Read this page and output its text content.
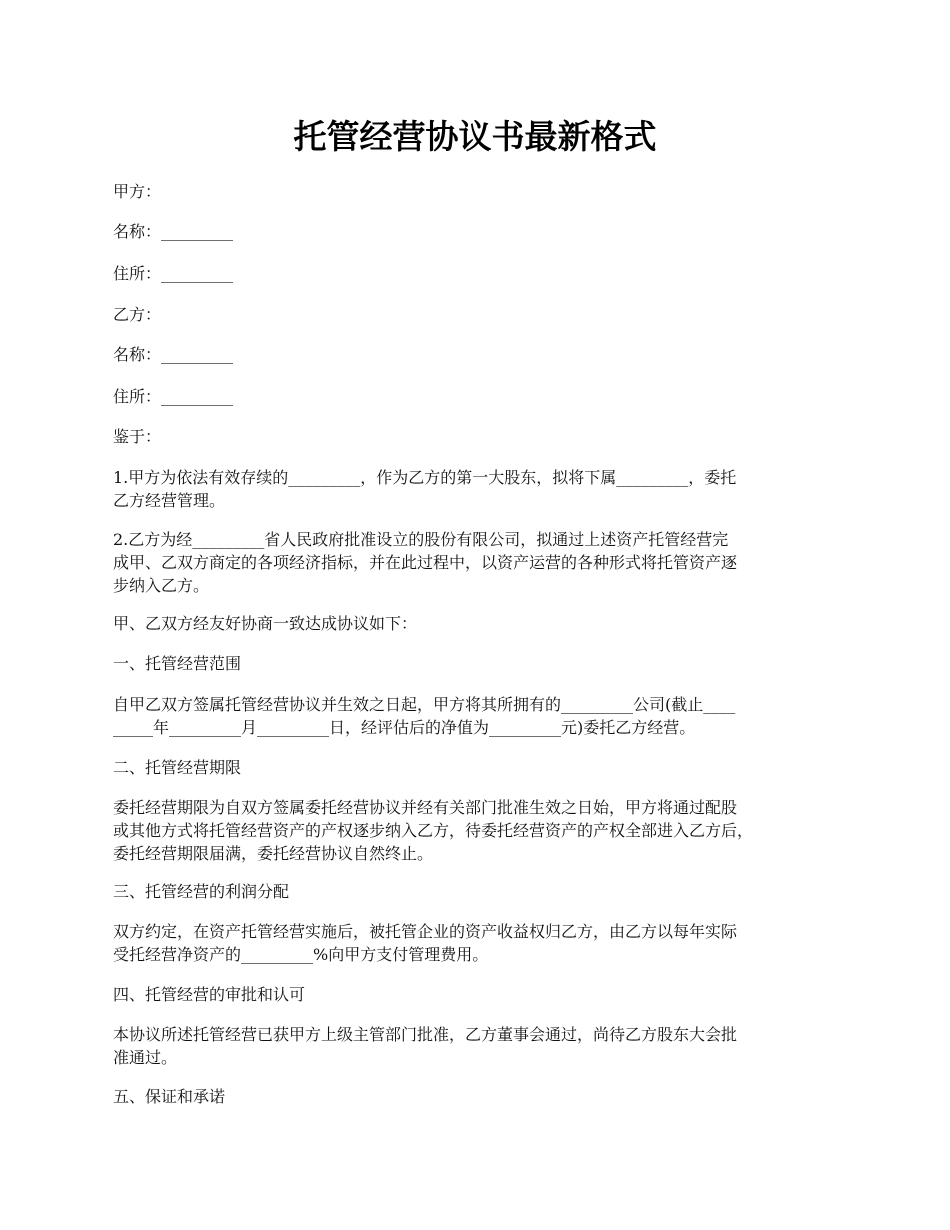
托管经营协议书最新格式

甲方：

名称：_________

住所：_________

乙方：

名称：_________

住所：_________

鉴于：

1.甲方为依法有效存续的_________，作为乙方的第一大股东，拟将下属_________，委托
乙方经营管理。

2.乙方为经_________省人民政府批准设立的股份有限公司，拟通过上述资产托管经营完
成甲、乙双方商定的各项经济指标，并在此过程中，以资产运营的各种形式将托管资产逐
步纳入乙方。

甲、乙双方经友好协商一致达成协议如下：

一、托管经营范围

自甲乙双方签属托管经营协议并生效之日起，甲方将其所拥有的_________公司(截止____
_____年_________月_________日，经评估后的净值为_________元)委托乙方经营。

二、托管经营期限

委托经营期限为自双方签属委托经营协议并经有关部门批准生效之日始，甲方将通过配股
或其他方式将托管经营资产的产权逐步纳入乙方，待委托经营资产的产权全部进入乙方后，
委托经营期限届满，委托经营协议自然终止。

三、托管经营的利润分配

双方约定，在资产托管经营实施后，被托管企业的资产收益权归乙方，由乙方以每年实际
受托经营净资产的_________%向甲方支付管理费用。

四、托管经营的审批和认可

本协议所述托管经营已获甲方上级主管部门批准，乙方董事会通过，尚待乙方股东大会批
准通过。

五、保证和承诺
